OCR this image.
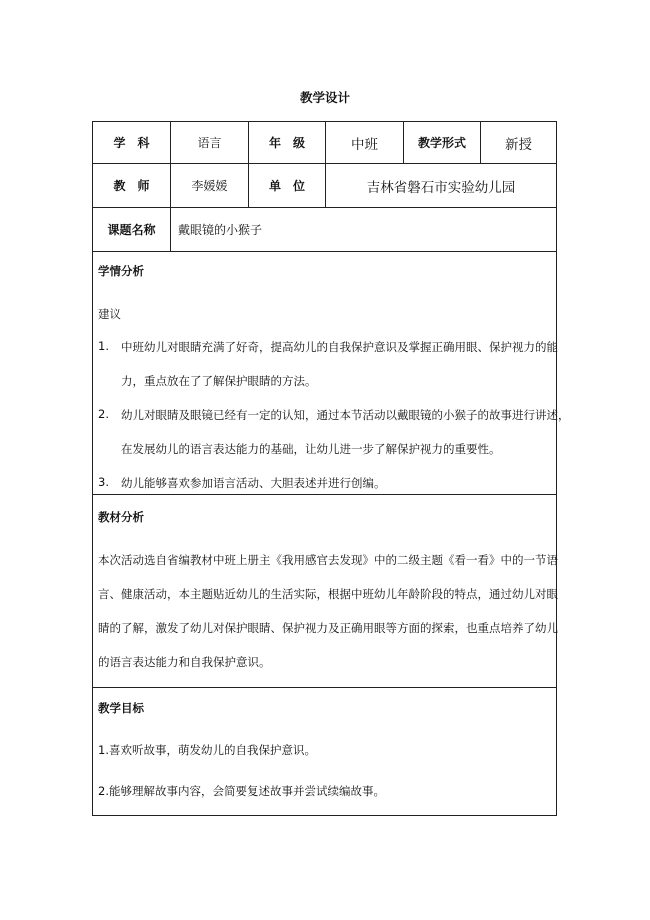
教学设计
学　科	语言	年　级	中班	教学形式	新授
教　师	李媛媛	单　位	吉林省磐石市实验幼儿园
课题名称	戴眼镜的小猴子
学情分析
建议
1. 中班幼儿对眼睛充满了好奇，提高幼儿的自我保护意识及掌握正确用眼、保护视力的能
力，重点放在了了解保护眼睛的方法。
2. 幼儿对眼睛及眼镜已经有一定的认知，通过本节活动以戴眼镜的小猴子的故事进行讲述，
在发展幼儿的语言表达能力的基础，让幼儿进一步了解保护视力的重要性。
3. 幼儿能够喜欢参加语言活动、大胆表述并进行创编。
教材分析
本次活动选自省编教材中班上册主《我用感官去发现》中的二级主题《看一看》中的一节语
言、健康活动，本主题贴近幼儿的生活实际，根据中班幼儿年龄阶段的特点，通过幼儿对眼
睛的了解，激发了幼儿对保护眼睛、保护视力及正确用眼等方面的探索，也重点培养了幼儿
的语言表达能力和自我保护意识。
教学目标
1.喜欢听故事，萌发幼儿的自我保护意识。
2.能够理解故事内容，会简要复述故事并尝试续编故事。
